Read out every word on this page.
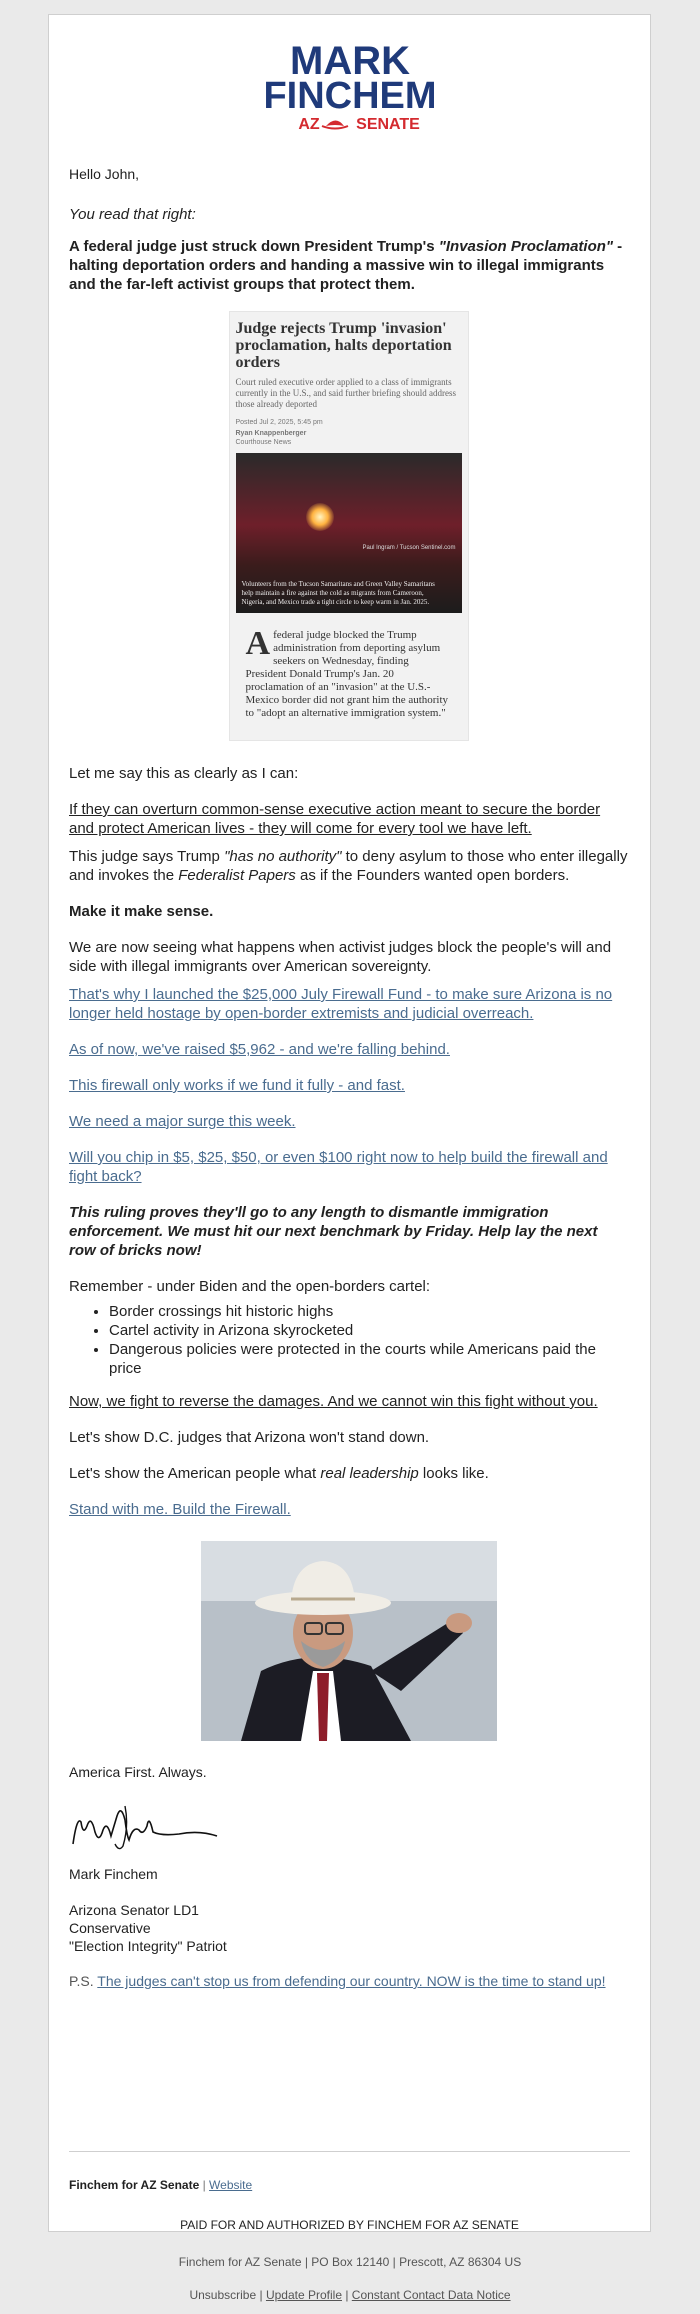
MARK
FINCHEM
AZ SENATE

Hello John,

You read that right:

A federal judge just struck down President Trump's "Invasion Proclamation" - halting deportation orders and handing a massive win to illegal immigrants and the far-left activist groups that protect them.

Judge rejects Trump 'invasion' proclamation, halts deportation orders
Court ruled executive order applied to a class of immigrants currently in the U.S., and said further briefing should address those already deported
Posted Jul 2, 2025, 5:45 pm
Ryan Knappenberger
Courthouse News
Paul Ingram / Tucson Sentinel.com
Volunteers from the Tucson Samaritans and Green Valley Samaritans help maintain a fire against the cold as migrants from Cameroon, Nigeria, and Mexico trade a tight circle to keep warm in Jan. 2025.
Afederal judge blocked the Trump administration from deporting asylum seekers on Wednesday, finding President Donald Trump's Jan. 20 proclamation of an "invasion" at the U.S.-Mexico border did not grant him the authority to "adopt an alternative immigration system."

Let me say this as clearly as I can:

If they can overturn common-sense executive action meant to secure the border and protect American lives - they will come for every tool we have left.

This judge says Trump "has no authority" to deny asylum to those who enter illegally and invokes the Federalist Papers as if the Founders wanted open borders.

Make it make sense.

We are now seeing what happens when activist judges block the people's will and side with illegal immigrants over American sovereignty.

That's why I launched the $25,000 July Firewall Fund - to make sure Arizona is no longer held hostage by open-border extremists and judicial overreach.

As of now, we've raised $5,962 - and we're falling behind.

This firewall only works if we fund it fully - and fast.

We need a major surge this week.

Will you chip in $5, $25, $50, or even $100 right now to help build the firewall and fight back?

This ruling proves they'll go to any length to dismantle immigration enforcement. We must hit our next benchmark by Friday. Help lay the next row of bricks now!

Remember - under Biden and the open-borders cartel:

• Border crossings hit historic highs
• Cartel activity in Arizona skyrocketed
• Dangerous policies were protected in the courts while Americans paid the price

Now, we fight to reverse the damages. And we cannot win this fight without you.

Let's show D.C. judges that Arizona won't stand down.

Let's show the American people what real leadership looks like.

Stand with me. Build the Firewall.

America First. Always.

Mark Finchem

Arizona Senator LD1

Conservative

"Election Integrity" Patriot

P.S. The judges can't stop us from defending our country. NOW is the time to stand up!

Finchem for AZ Senate | Website
PAID FOR AND AUTHORIZED BY FINCHEM FOR AZ SENATE
Finchem for AZ Senate | PO Box 12140 | Prescott, AZ 86304 US
Unsubscribe | Update Profile | Constant Contact Data Notice
